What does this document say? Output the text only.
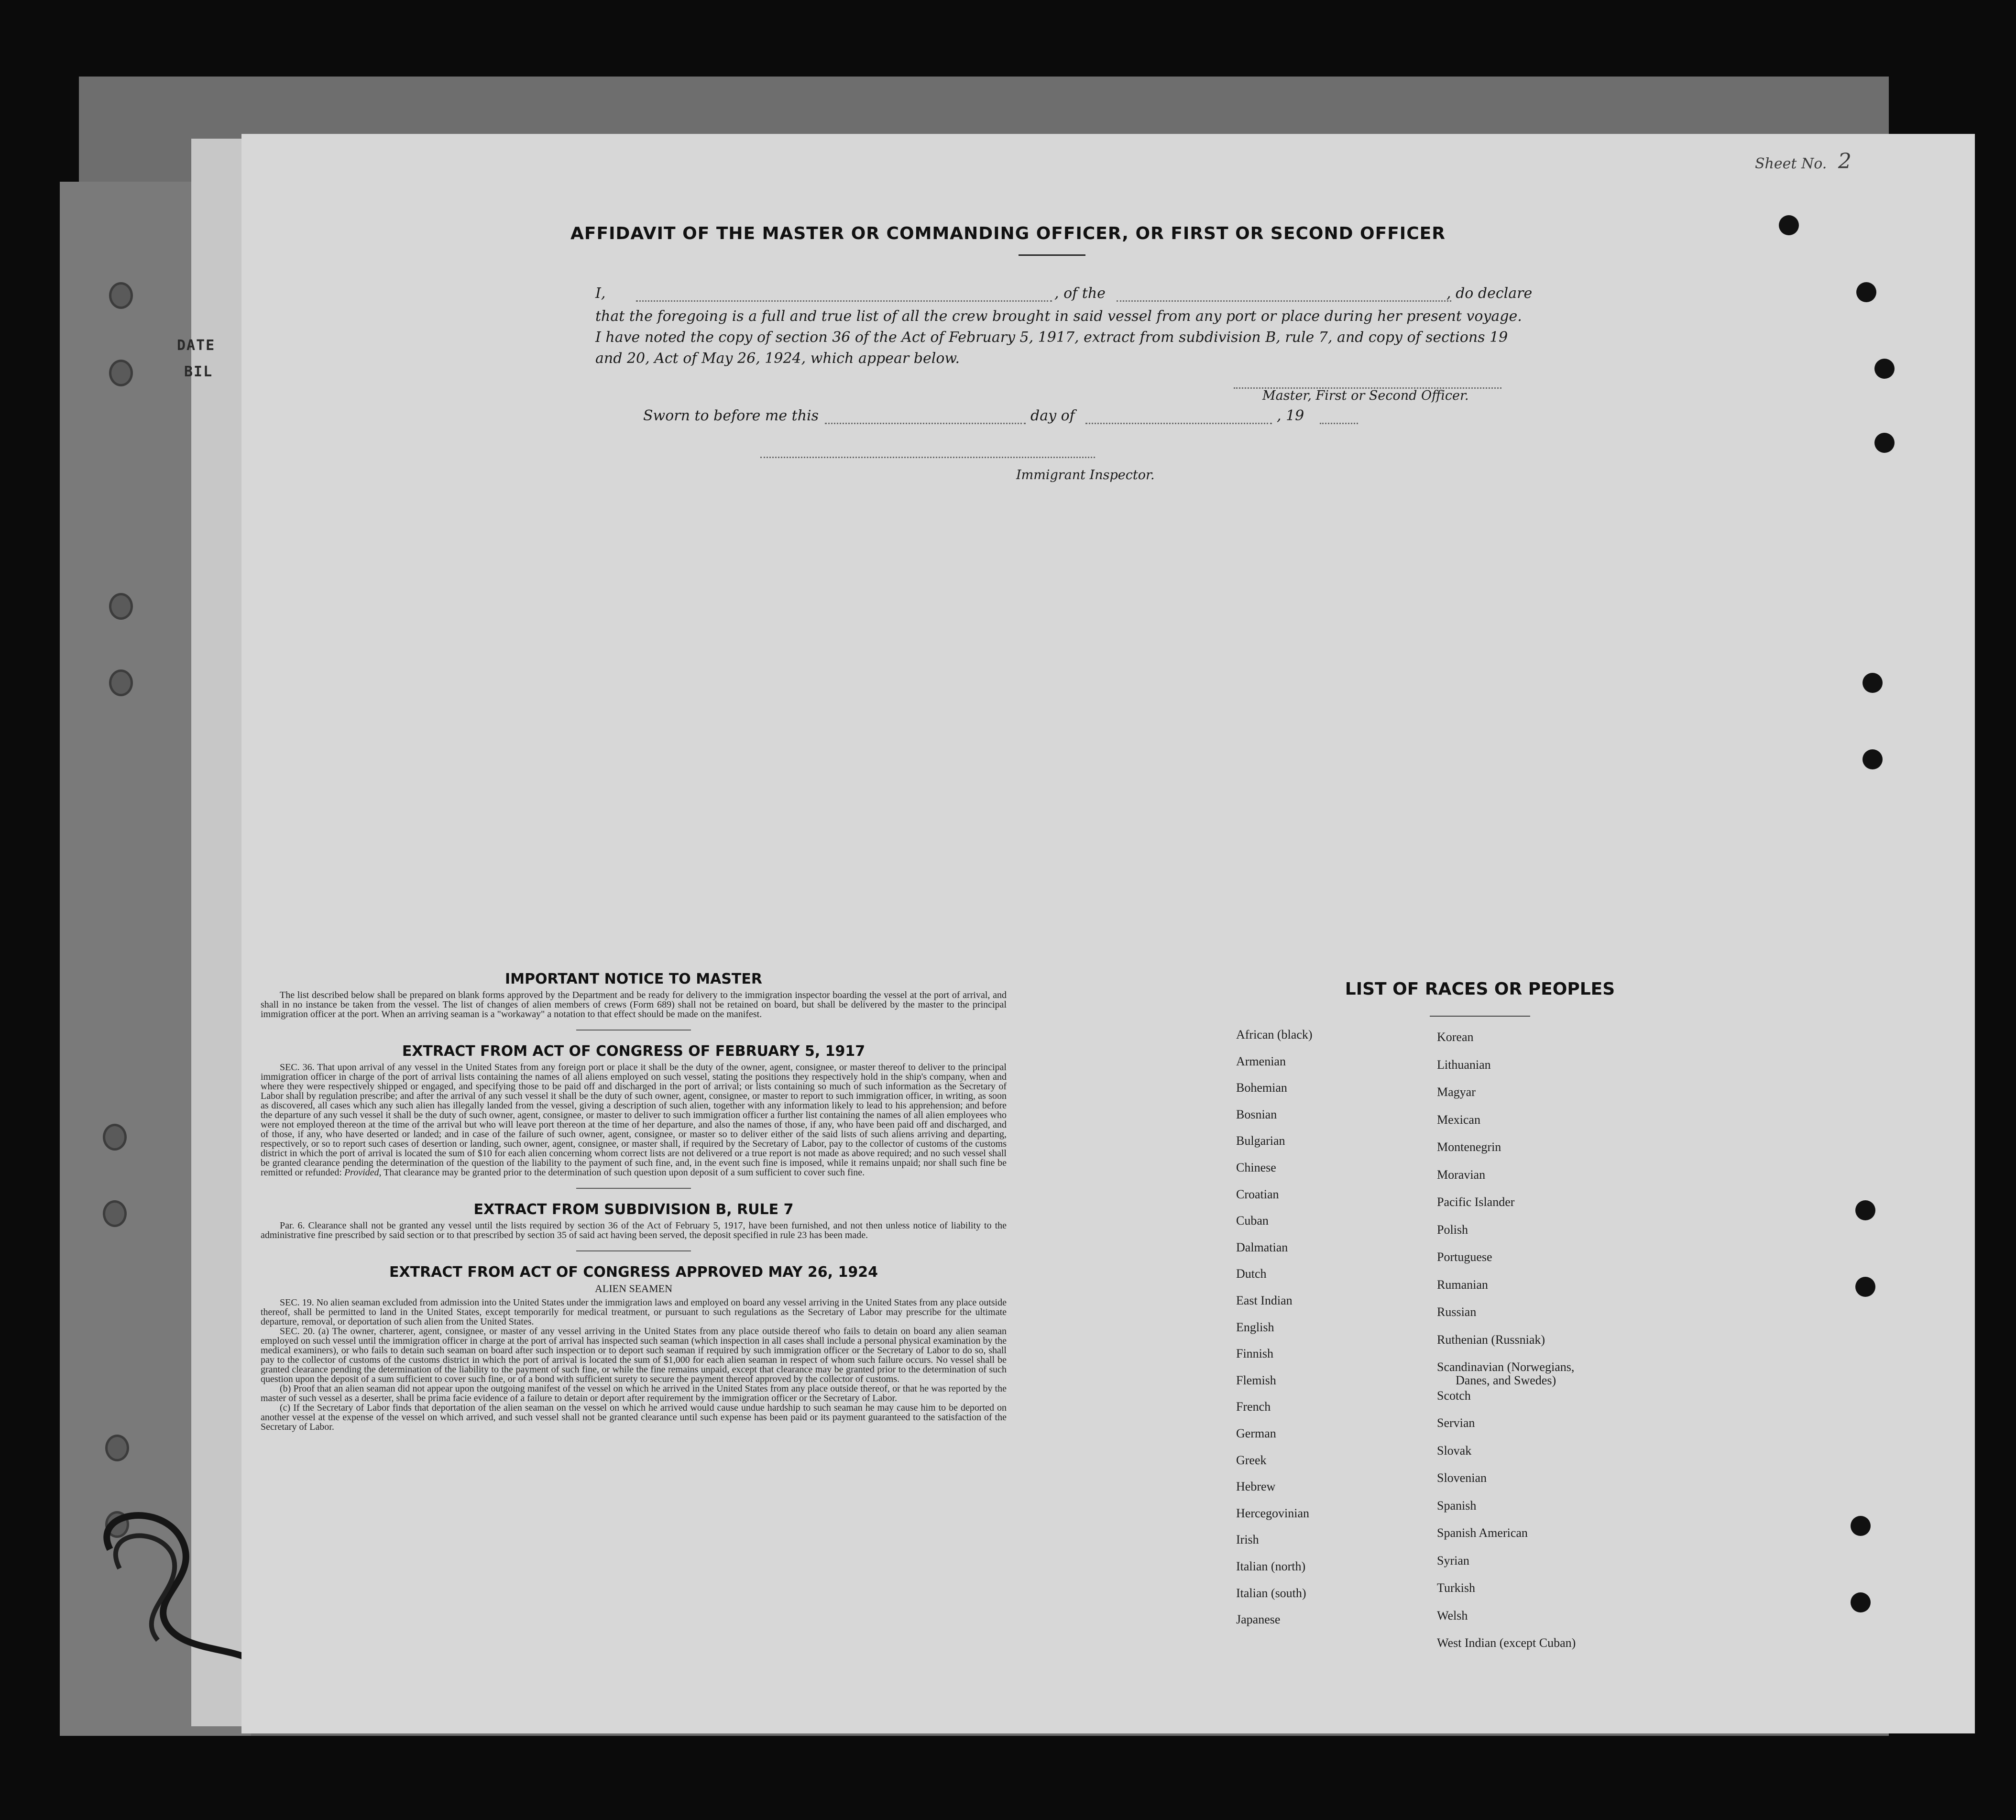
DATE
BIL
Sheet No. 2
AFFIDAVIT OF THE MASTER OR COMMANDING OFFICER, OR FIRST OR SECOND OFFICER
I,	, of the	, do declare
that the foregoing is a full and true list of all the crew brought in said vessel from any port or place during her present voyage.
I have noted the copy of section 36 of the Act of February 5, 1917, extract from subdivision B, rule 7, and copy of sections 19
and 20, Act of May 26, 1924, which appear below.
Master, First or Second Officer.
Sworn to before me this	day of	, 19
Immigrant Inspector.
IMPORTANT NOTICE TO MASTER

The list described below shall be prepared on blank forms approved by the Department and be ready for delivery to the immigration inspector boarding the vessel at the port of arrival, and shall in no instance be taken from the vessel. The list of changes of alien members of crews (Form 689) shall not be retained on board, but shall be delivered by the master to the principal immigration officer at the port. When an arriving seaman is a "workaway" a notation to that effect should be made on the manifest.

EXTRACT FROM ACT OF CONGRESS OF FEBRUARY 5, 1917

SEC. 36. That upon arrival of any vessel in the United States from any foreign port or place it shall be the duty of the owner, agent, consignee, or master thereof to deliver to the principal immigration officer in charge of the port of arrival lists containing the names of all aliens employed on such vessel, stating the positions they respectively hold in the ship's company, when and where they were respectively shipped or engaged, and specifying those to be paid off and discharged in the port of arrival; or lists containing so much of such information as the Secretary of Labor shall by regulation prescribe; and after the arrival of any such vessel it shall be the duty of such owner, agent, consignee, or master to report to such immigration officer, in writing, as soon as discovered, all cases which any such alien has illegally landed from the vessel, giving a description of such alien, together with any information likely to lead to his apprehension; and before the departure of any such vessel it shall be the duty of such owner, agent, consignee, or master to deliver to such immigration officer a further list containing the names of all alien employees who were not employed thereon at the time of the arrival but who will leave port thereon at the time of her departure, and also the names of those, if any, who have been paid off and discharged, and of those, if any, who have deserted or landed; and in case of the failure of such owner, agent, consignee, or master so to deliver either of the said lists of such aliens arriving and departing, respectively, or so to report such cases of desertion or landing, such owner, agent, consignee, or master shall, if required by the Secretary of Labor, pay to the collector of customs of the customs district in which the port of arrival is located the sum of $10 for each alien concerning whom correct lists are not delivered or a true report is not made as above required; and no such vessel shall be granted clearance pending the determination of the question of the liability to the payment of such fine, and, in the event such fine is imposed, while it remains unpaid; nor shall such fine be remitted or refunded: Provided, That clearance may be granted prior to the determination of such question upon deposit of a sum sufficient to cover such fine.

EXTRACT FROM SUBDIVISION B, RULE 7

Par. 6. Clearance shall not be granted any vessel until the lists required by section 36 of the Act of February 5, 1917, have been furnished, and not then unless notice of liability to the administrative fine prescribed by said section or to that prescribed by section 35 of said act having been served, the deposit specified in rule 23 has been made.

EXTRACT FROM ACT OF CONGRESS APPROVED MAY 26, 1924
ALIEN SEAMEN

SEC. 19. No alien seaman excluded from admission into the United States under the immigration laws and employed on board any vessel arriving in the United States from any place outside thereof, shall be permitted to land in the United States, except temporarily for medical treatment, or pursuant to such regulations as the Secretary of Labor may prescribe for the ultimate departure, removal, or deportation of such alien from the United States.

SEC. 20. (a) The owner, charterer, agent, consignee, or master of any vessel arriving in the United States from any place outside thereof who fails to detain on board any alien seaman employed on such vessel until the immigration officer in charge at the port of arrival has inspected such seaman (which inspection in all cases shall include a personal physical examination by the medical examiners), or who fails to detain such seaman on board after such inspection or to deport such seaman if required by such immigration officer or the Secretary of Labor to do so, shall pay to the collector of customs of the customs district in which the port of arrival is located the sum of $1,000 for each alien seaman in respect of whom such failure occurs. No vessel shall be granted clearance pending the determination of the liability to the payment of such fine, or while the fine remains unpaid, except that clearance may be granted prior to the determination of such question upon the deposit of a sum sufficient to cover such fine, or of a bond with sufficient surety to secure the payment thereof approved by the collector of customs.

(b) Proof that an alien seaman did not appear upon the outgoing manifest of the vessel on which he arrived in the United States from any place outside thereof, or that he was reported by the master of such vessel as a deserter, shall be prima facie evidence of a failure to detain or deport after requirement by the immigration officer or the Secretary of Labor.

(c) If the Secretary of Labor finds that deportation of the alien seaman on the vessel on which he arrived would cause undue hardship to such seaman he may cause him to be deported on another vessel at the expense of the vessel on which arrived, and such vessel shall not be granted clearance until such expense has been paid or its payment guaranteed to the satisfaction of the Secretary of Labor.

LIST OF RACES OR PEOPLES
African (black)
Armenian
Bohemian
Bosnian
Bulgarian
Chinese
Croatian
Cuban
Dalmatian
Dutch
East Indian
English
Finnish
Flemish
French
German
Greek
Hebrew
Hercegovinian
Irish
Italian (north)
Italian (south)
Japanese
Korean
Lithuanian
Magyar
Mexican
Montenegrin
Moravian
Pacific Islander
Polish
Portuguese
Rumanian
Russian
Ruthenian (Russniak)
Scandinavian (Norwegians,
Danes, and Swedes)
Scotch
Servian
Slovak
Slovenian
Spanish
Spanish American
Syrian
Turkish
Welsh
West Indian (except Cuban)
